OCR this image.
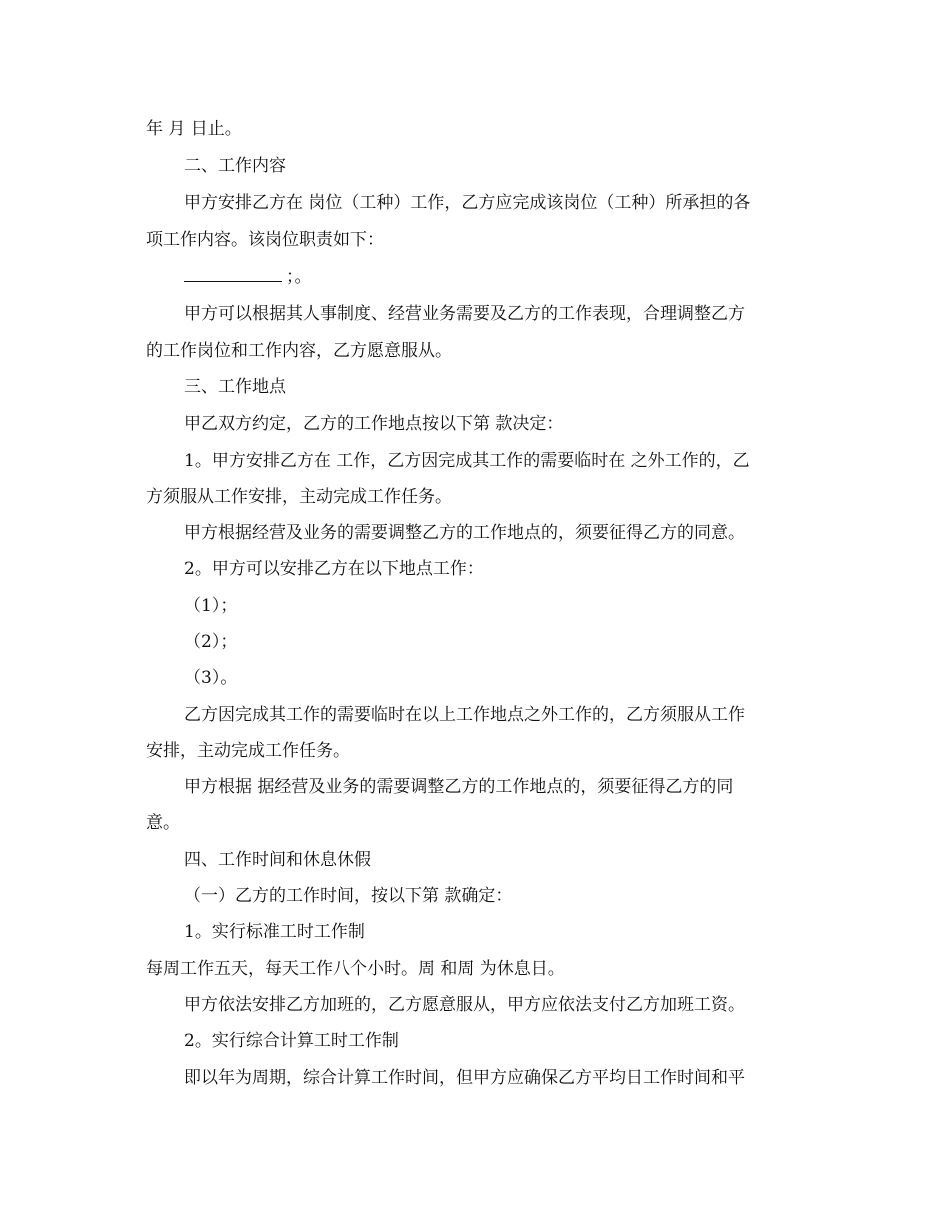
年 月 日止。
二、工作内容
甲方安排乙方在 岗位（工种）工作，乙方应完成该岗位（工种）所承担的各
项工作内容。该岗位职责如下：
；。
甲方可以根据其人事制度、经营业务需要及乙方的工作表现，合理调整乙方
的工作岗位和工作内容，乙方愿意服从。
三、工作地点
甲乙双方约定，乙方的工作地点按以下第 款决定：
1。甲方安排乙方在 工作，乙方因完成其工作的需要临时在 之外工作的，乙
方须服从工作安排，主动完成工作任务。
甲方根据经营及业务的需要调整乙方的工作地点的，须要征得乙方的同意。
2。甲方可以安排乙方在以下地点工作：
（1）；
（2）；
（3）。
乙方因完成其工作的需要临时在以上工作地点之外工作的，乙方须服从工作
安排，主动完成工作任务。
甲方根据 据经营及业务的需要调整乙方的工作地点的，须要征得乙方的同
意。
四、工作时间和休息休假
（一）乙方的工作时间，按以下第 款确定：
1。实行标准工时工作制
每周工作五天，每天工作八个小时。周 和周 为休息日。
甲方依法安排乙方加班的，乙方愿意服从，甲方应依法支付乙方加班工资。
2。实行综合计算工时工作制
即以年为周期，综合计算工作时间，但甲方应确保乙方平均日工作时间和平
